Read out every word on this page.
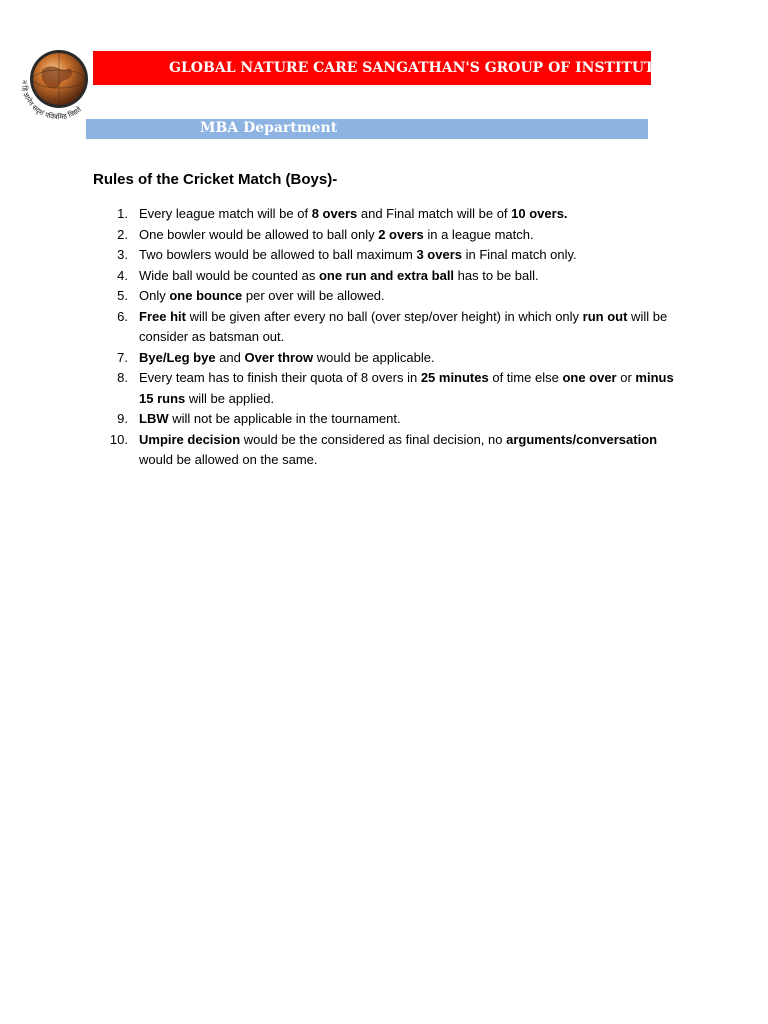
न हि ज्ञानेन सदृशं पवित्रमिह विद्यते
GLOBAL NATURE CARE SANGATHAN'S GROUP OF INSTITUTION
MBA Department
Rules of the Cricket Match (Boys)-
1. Every league match will be of 8 overs and Final match will be of 10 overs.
2. One bowler would be allowed to ball only 2 overs in a league match.
3. Two bowlers would be allowed to ball maximum 3 overs in Final match only.
4. Wide ball would be counted as one run and extra ball has to be ball.
5. Only one bounce per over will be allowed.
6. Free hit will be given after every no ball (over step/over height) in which only run out will be consider as batsman out.
7. Bye/Leg bye and Over throw would be applicable.
8. Every team has to finish their quota of 8 overs in 25 minutes of time else one over or minus 15 runs will be applied.
9. LBW will not be applicable in the tournament.
10. Umpire decision would be the considered as final decision, no arguments/conversation would be allowed on the same.
